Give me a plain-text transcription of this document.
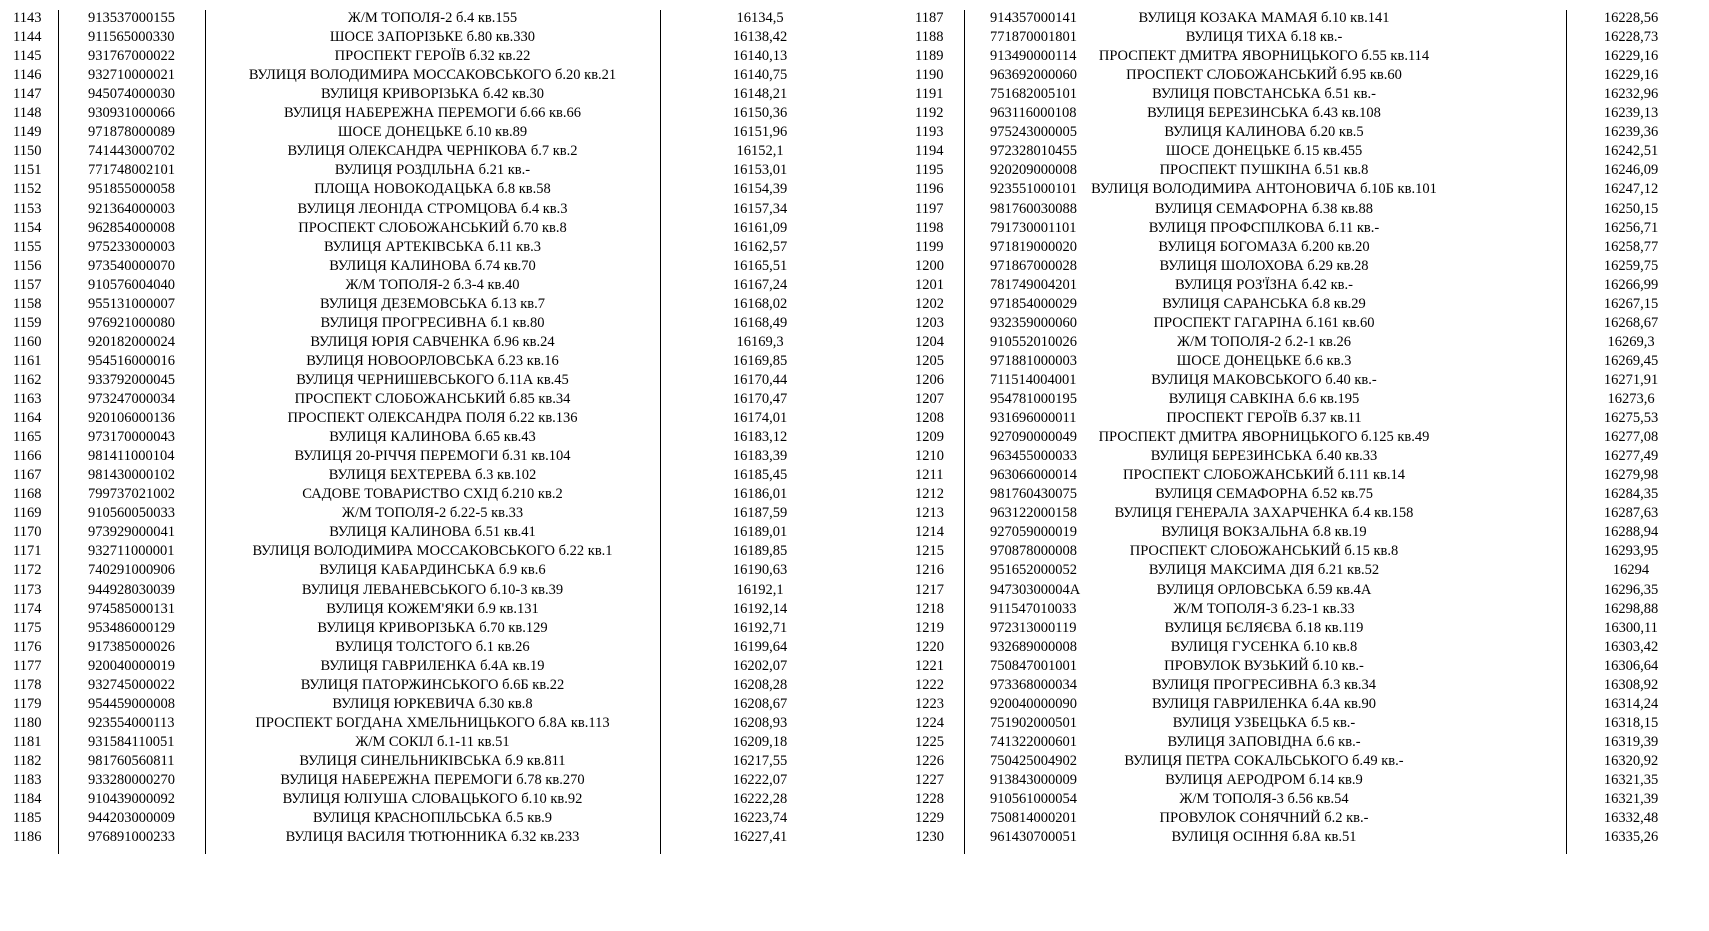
1143	913537000155	Ж/М ТОПОЛЯ-2 б.4 кв.155	16134,5
1144	911565000330	ШОСЕ ЗАПОРІЗЬКЕ б.80 кв.330	16138,42
1145	931767000022	ПРОСПЕКТ ГЕРОЇВ б.32 кв.22	16140,13
1146	932710000021	ВУЛИЦЯ ВОЛОДИМИРА МОССАКОВСЬКОГО б.20 кв.21	16140,75
1147	945074000030	ВУЛИЦЯ КРИВОРІЗЬКА б.42 кв.30	16148,21
1148	930931000066	ВУЛИЦЯ НАБЕРЕЖНА ПЕРЕМОГИ б.66 кв.66	16150,36
1149	971878000089	ШОСЕ ДОНЕЦЬКЕ б.10 кв.89	16151,96
1150	741443000702	ВУЛИЦЯ ОЛЕКСАНДРА ЧЕРНІКОВА б.7 кв.2	16152,1
1151	771748002101	ВУЛИЦЯ РОЗДІЛЬНА б.21 кв.-	16153,01
1152	951855000058	ПЛОЩА НОВОКОДАЦЬКА б.8 кв.58	16154,39
1153	921364000003	ВУЛИЦЯ ЛЕОНІДА СТРОМЦОВА б.4 кв.3	16157,34
1154	962854000008	ПРОСПЕКТ СЛОБОЖАНСЬКИЙ б.70 кв.8	16161,09
1155	975233000003	ВУЛИЦЯ АРТЕКІВСЬКА б.11 кв.3	16162,57
1156	973540000070	ВУЛИЦЯ КАЛИНОВА б.74 кв.70	16165,51
1157	910576004040	Ж/М ТОПОЛЯ-2 б.3-4 кв.40	16167,24
1158	955131000007	ВУЛИЦЯ ДЕЗЕМОВСЬКА б.13 кв.7	16168,02
1159	976921000080	ВУЛИЦЯ ПРОГРЕСИВНА б.1 кв.80	16168,49
1160	920182000024	ВУЛИЦЯ ЮРІЯ САВЧЕНКА б.96 кв.24	16169,3
1161	954516000016	ВУЛИЦЯ НОВООРЛОВСЬКА б.23 кв.16	16169,85
1162	933792000045	ВУЛИЦЯ ЧЕРНИШЕВСЬКОГО б.11А кв.45	16170,44
1163	973247000034	ПРОСПЕКТ СЛОБОЖАНСЬКИЙ б.85 кв.34	16170,47
1164	920106000136	ПРОСПЕКТ ОЛЕКСАНДРА ПОЛЯ б.22 кв.136	16174,01
1165	973170000043	ВУЛИЦЯ КАЛИНОВА б.65 кв.43	16183,12
1166	981411000104	ВУЛИЦЯ 20-РІЧЧЯ ПЕРЕМОГИ б.31 кв.104	16183,39
1167	981430000102	ВУЛИЦЯ БЕХТЕРЕВА б.3 кв.102	16185,45
1168	799737021002	САДОВЕ ТОВАРИСТВО СХІД б.210 кв.2	16186,01
1169	910560050033	Ж/М ТОПОЛЯ-2 б.22-5 кв.33	16187,59
1170	973929000041	ВУЛИЦЯ КАЛИНОВА б.51 кв.41	16189,01
1171	932711000001	ВУЛИЦЯ ВОЛОДИМИРА МОССАКОВСЬКОГО б.22 кв.1	16189,85
1172	740291000906	ВУЛИЦЯ КАБАРДИНСЬКА б.9 кв.6	16190,63
1173	944928030039	ВУЛИЦЯ ЛЕВАНЕВСЬКОГО б.10-3 кв.39	16192,1
1174	974585000131	ВУЛИЦЯ КОЖЕМ'ЯКИ б.9 кв.131	16192,14
1175	953486000129	ВУЛИЦЯ КРИВОРІЗЬКА б.70 кв.129	16192,71
1176	917385000026	ВУЛИЦЯ ТОЛСТОГО б.1 кв.26	16199,64
1177	920040000019	ВУЛИЦЯ ГАВРИЛЕНКА б.4А кв.19	16202,07
1178	932745000022	ВУЛИЦЯ ПАТОРЖИНСЬКОГО б.6Б кв.22	16208,28
1179	954459000008	ВУЛИЦЯ ЮРКЕВИЧА б.30 кв.8	16208,67
1180	923554000113	ПРОСПЕКТ БОГДАНА ХМЕЛЬНИЦЬКОГО б.8А кв.113	16208,93
1181	931584110051	Ж/М СОКІЛ б.1-11 кв.51	16209,18
1182	981760560811	ВУЛИЦЯ СИНЕЛЬНИКІВСЬКА б.9 кв.811	16217,55
1183	933280000270	ВУЛИЦЯ НАБЕРЕЖНА ПЕРЕМОГИ б.78 кв.270	16222,07
1184	910439000092	ВУЛИЦЯ ЮЛІУША СЛОВАЦЬКОГО б.10 кв.92	16222,28
1185	944203000009	ВУЛИЦЯ КРАСНОПІЛЬСЬКА б.5 кв.9	16223,74
1186	976891000233	ВУЛИЦЯ ВАСИЛЯ ТЮТЮННИКА б.32 кв.233	16227,41
1187	914357000141	ВУЛИЦЯ КОЗАКА МАМАЯ б.10 кв.141	16228,56
1188	771870001801	ВУЛИЦЯ ТИХА б.18 кв.-	16228,73
1189	913490000114	ПРОСПЕКТ ДМИТРА ЯВОРНИЦЬКОГО б.55 кв.114	16229,16
1190	963692000060	ПРОСПЕКТ СЛОБОЖАНСЬКИЙ б.95 кв.60	16229,16
1191	751682005101	ВУЛИЦЯ ПОВСТАНСЬКА б.51 кв.-	16232,96
1192	963116000108	ВУЛИЦЯ БЕРЕЗИНСЬКА б.43 кв.108	16239,13
1193	975243000005	ВУЛИЦЯ КАЛИНОВА б.20 кв.5	16239,36
1194	972328010455	ШОСЕ ДОНЕЦЬКЕ б.15 кв.455	16242,51
1195	920209000008	ПРОСПЕКТ ПУШКІНА б.51 кв.8	16246,09
1196	923551000101 ВУЛИЦЯ ВОЛОДИМИРА АНТОНОВИЧА б.10Б кв.101	16247,12
1197	981760030088	ВУЛИЦЯ СЕМАФОРНА б.38 кв.88	16250,15
1198	791730001101	ВУЛИЦЯ ПРОФСПІЛКОВА б.11 кв.-	16256,71
1199	971819000020	ВУЛИЦЯ БОГОМАЗА б.200 кв.20	16258,77
1200	971867000028	ВУЛИЦЯ ШОЛОХОВА б.29 кв.28	16259,75
1201	781749004201	ВУЛИЦЯ РОЗ'ЇЗНА б.42 кв.-	16266,99
1202	971854000029	ВУЛИЦЯ САРАНСЬКА б.8 кв.29	16267,15
1203	932359000060	ПРОСПЕКТ ГАГАРІНА б.161 кв.60	16268,67
1204	910552010026	Ж/М ТОПОЛЯ-2 б.2-1 кв.26	16269,3
1205	971881000003	ШОСЕ ДОНЕЦЬКЕ б.6 кв.3	16269,45
1206	711514004001	ВУЛИЦЯ МАКОВСЬКОГО б.40 кв.-	16271,91
1207	954781000195	ВУЛИЦЯ САВКІНА б.6 кв.195	16273,6
1208	931696000011	ПРОСПЕКТ ГЕРОЇВ б.37 кв.11	16275,53
1209	927090000049	ПРОСПЕКТ ДМИТРА ЯВОРНИЦЬКОГО б.125 кв.49	16277,08
1210	963455000033	ВУЛИЦЯ БЕРЕЗИНСЬКА б.40 кв.33	16277,49
1211	963066000014	ПРОСПЕКТ СЛОБОЖАНСЬКИЙ б.111 кв.14	16279,98
1212	981760430075	ВУЛИЦЯ СЕМАФОРНА б.52 кв.75	16284,35
1213	963122000158	ВУЛИЦЯ ГЕНЕРАЛА ЗАХАРЧЕНКА б.4 кв.158	16287,63
1214	927059000019	ВУЛИЦЯ ВОКЗАЛЬНА б.8 кв.19	16288,94
1215	970878000008	ПРОСПЕКТ СЛОБОЖАНСЬКИЙ б.15 кв.8	16293,95
1216	951652000052	ВУЛИЦЯ МАКСИМА ДІЯ б.21 кв.52	16294
1217	94730300004А	ВУЛИЦЯ ОРЛОВСЬКА б.59 кв.4А	16296,35
1218	911547010033	Ж/М ТОПОЛЯ-3 б.23-1 кв.33	16298,88
1219	972313000119	ВУЛИЦЯ БЄЛЯЄВА б.18 кв.119	16300,11
1220	932689000008	ВУЛИЦЯ ГУСЕНКА б.10 кв.8	16303,42
1221	750847001001	ПРОВУЛОК ВУЗЬКИЙ б.10 кв.-	16306,64
1222	973368000034	ВУЛИЦЯ ПРОГРЕСИВНА б.3 кв.34	16308,92
1223	920040000090	ВУЛИЦЯ ГАВРИЛЕНКА б.4А кв.90	16314,24
1224	751902000501	ВУЛИЦЯ УЗБЕЦЬКА б.5 кв.-	16318,15
1225	741322000601	ВУЛИЦЯ ЗАПОВІДНА б.6 кв.-	16319,39
1226	750425004902	ВУЛИЦЯ ПЕТРА СОКАЛЬСЬКОГО б.49 кв.-	16320,92
1227	913843000009	ВУЛИЦЯ АЕРОДРОМ б.14 кв.9	16321,35
1228	910561000054	Ж/М ТОПОЛЯ-3 б.56 кв.54	16321,39
1229	750814000201	ПРОВУЛОК СОНЯЧНИЙ б.2 кв.-	16332,48
1230	961430700051	ВУЛИЦЯ ОСІННЯ б.8А кв.51	16335,26
